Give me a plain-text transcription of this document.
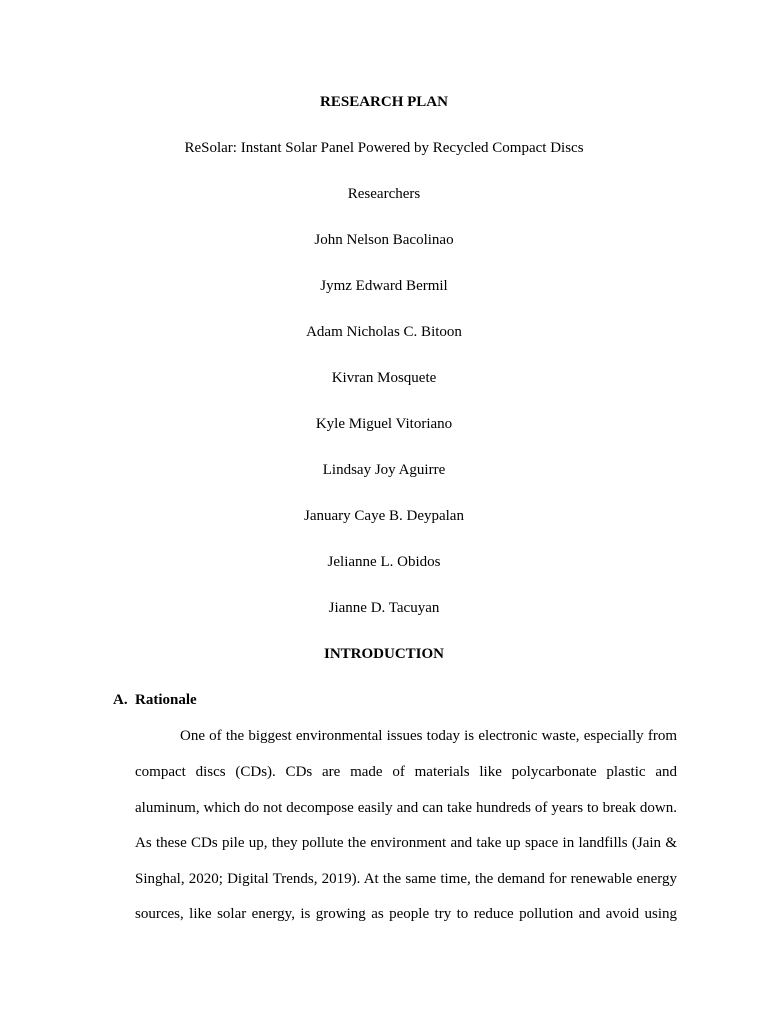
RESEARCH PLAN
ReSolar: Instant Solar Panel Powered by Recycled Compact Discs
Researchers
John Nelson Bacolinao
Jymz Edward Bermil
Adam Nicholas C. Bitoon
Kivran Mosquete
Kyle Miguel Vitoriano
Lindsay Joy Aguirre
January Caye B. Deypalan
Jelianne L. Obidos
Jianne D. Tacuyan
INTRODUCTION
A. Rationale
One of the biggest environmental issues today is electronic waste, especially from
compact discs (CDs). CDs are made of materials like polycarbonate plastic and
aluminum, which do not decompose easily and can take hundreds of years to break down.
As these CDs pile up, they pollute the environment and take up space in landfills (Jain &
Singhal, 2020; Digital Trends, 2019). At the same time, the demand for renewable energy
sources, like solar energy, is growing as people try to reduce pollution and avoid using
